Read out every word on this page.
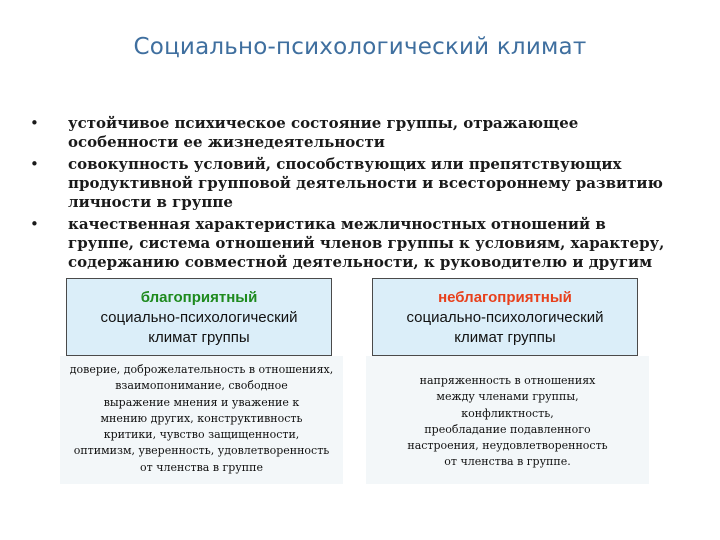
Социально-психологический климат
• устойчивое психическое состояние группы, отражающее
особенности ее жизнедеятельности
• совокупность условий, способствующих или препятствующих
продуктивной групповой деятельности и всестороннему развитию
личности в группе
• качественная характеристика межличностных отношений в
группе, система отношений членов группы к условиям, характеру,
содержанию совместной деятельности, к руководителю и другим
благоприятный
социально-психологический
климат группы
неблагоприятный
социально-психологический
климат группы
доверие, доброжелательность в отношениях,
взаимопонимание, свободное
выражение мнения и уважение к
мнению других, конструктивность
критики, чувство защищенности,
оптимизм, уверенность, удовлетворенность
от членства в группе
напряженность в отношениях
между членами группы,
конфликтность,
преобладание подавленного
настроения, неудовлетворенность
от членства в группе.
